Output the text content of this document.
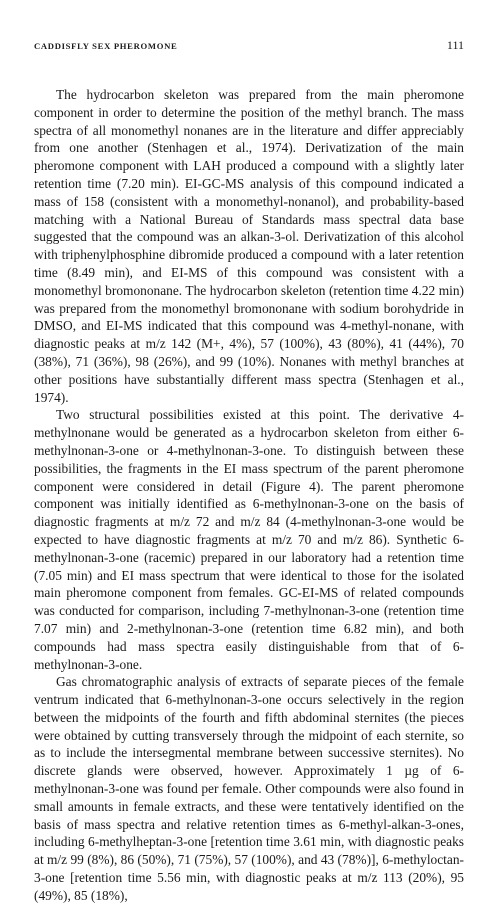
CADDISFLY SEX PHEROMONE	111

The hydrocarbon skeleton was prepared from the main pheromone component in order to determine the position of the methyl branch. The mass spectra of all monomethyl nonanes are in the literature and differ appreciably from one another (Stenhagen et al., 1974). Derivatization of the main pheromone component with LAH produced a compound with a slightly later retention time (7.20 min). EI-GC-MS analysis of this compound indicated a mass of 158 (consistent with a monomethyl-nonanol), and probability-based matching with a National Bureau of Standards mass spectral data base suggested that the compound was an alkan-3-ol. Derivatization of this alcohol with triphenylphosphine dibromide produced a compound with a later retention time (8.49 min), and EI-MS of this compound was consistent with a monomethyl bromononane. The hydrocarbon skeleton (retention time 4.22 min) was prepared from the monomethyl bromononane with sodium borohydride in DMSO, and EI-MS indicated that this compound was 4-methyl-nonane, with diagnostic peaks at m/z 142 (M+, 4%), 57 (100%), 43 (80%), 41 (44%), 70 (38%), 71 (36%), 98 (26%), and 99 (10%). Nonanes with methyl branches at other positions have substantially different mass spectra (Stenhagen et al., 1974).

Two structural possibilities existed at this point. The derivative 4-methylnonane would be generated as a hydrocarbon skeleton from either 6-methylnonan-3-one or 4-methylnonan-3-one. To distinguish between these possibilities, the fragments in the EI mass spectrum of the parent pheromone component were considered in detail (Figure 4). The parent pheromone component was initially identified as 6-methylnonan-3-one on the basis of diagnostic fragments at m/z 72 and m/z 84 (4-methylnonan-3-one would be expected to have diagnostic fragments at m/z 70 and m/z 86). Synthetic 6-methylnonan-3-one (racemic) prepared in our laboratory had a retention time (7.05 min) and EI mass spectrum that were identical to those for the isolated main pheromone component from females. GC-EI-MS of related compounds was conducted for comparison, including 7-methylnonan-3-one (retention time 7.07 min) and 2-methylnonan-3-one (retention time 6.82 min), and both compounds had mass spectra easily distinguishable from that of 6-methylnonan-3-one.

Gas chromatographic analysis of extracts of separate pieces of the female ventrum indicated that 6-methylnonan-3-one occurs selectively in the region between the midpoints of the fourth and fifth abdominal sternites (the pieces were obtained by cutting transversely through the midpoint of each sternite, so as to include the intersegmental membrane between successive sternites). No discrete glands were observed, however. Approximately 1 µg of 6-methylnonan-3-one was found per female. Other compounds were also found in small amounts in female extracts, and these were tentatively identified on the basis of mass spectra and relative retention times as 6-methyl-alkan-3-ones, including 6-methylheptan-3-one [retention time 3.61 min, with diagnostic peaks at m/z 99 (8%), 86 (50%), 71 (75%), 57 (100%), and 43 (78%)], 6-methyloctan-3-one [retention time 5.56 min, with diagnostic peaks at m/z 113 (20%), 95 (49%), 85 (18%),
